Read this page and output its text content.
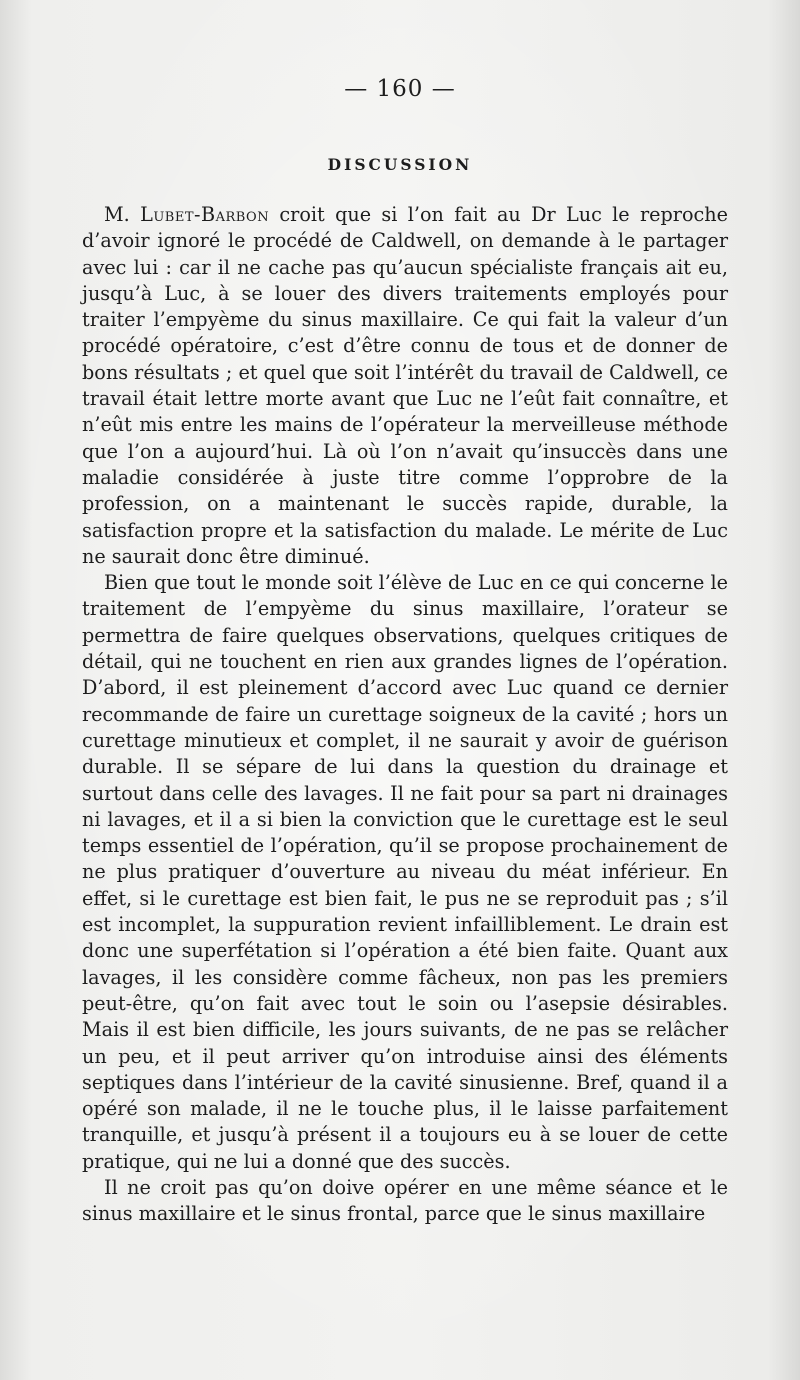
— 160 —
DISCUSSION

M. Lubet-Barbon croit que si l’on fait au Dr Luc le reproche d’avoir ignoré le procédé de Caldwell, on demande à le partager avec lui : car il ne cache pas qu’aucun spécialiste français ait eu, jusqu’à Luc, à se louer des divers traitements employés pour traiter l’empyème du sinus maxillaire. Ce qui fait la valeur d’un procédé opératoire, c’est d’être connu de tous et de donner de bons résultats ; et quel que soit l’intérêt du travail de Caldwell, ce travail était lettre morte avant que Luc ne l’eût fait connaître, et n’eût mis entre les mains de l’opérateur la merveilleuse méthode que l’on a aujourd’hui. Là où l’on n’avait qu’insuccès dans une maladie considérée à juste titre comme l’opprobre de la profession, on a maintenant le succès rapide, durable, la satisfaction propre et la satisfaction du malade. Le mérite de Luc ne saurait donc être diminué.

Bien que tout le monde soit l’élève de Luc en ce qui concerne le traitement de l’empyème du sinus maxillaire, l’orateur se permettra de faire quelques observations, quelques critiques de détail, qui ne touchent en rien aux grandes lignes de l’opération. D’abord, il est pleinement d’accord avec Luc quand ce dernier recommande de faire un curettage soigneux de la cavité ; hors un curettage minutieux et complet, il ne saurait y avoir de guérison durable. Il se sépare de lui dans la question du drainage et surtout dans celle des lavages. Il ne fait pour sa part ni drainages ni lavages, et il a si bien la conviction que le curettage est le seul temps essentiel de l’opération, qu’il se propose prochainement de ne plus pratiquer d’ouverture au niveau du méat inférieur. En effet, si le curettage est bien fait, le pus ne se reproduit pas ; s’il est incomplet, la suppuration revient infailliblement. Le drain est donc une superfétation si l’opération a été bien faite. Quant aux lavages, il les considère comme fâcheux, non pas les premiers peut-être, qu’on fait avec tout le soin ou l’asepsie désirables. Mais il est bien difficile, les jours suivants, de ne pas se relâcher un peu, et il peut arriver qu’on introduise ainsi des éléments septiques dans l’intérieur de la cavité sinusienne. Bref, quand il a opéré son malade, il ne le touche plus, il le laisse parfaitement tranquille, et jusqu’à présent il a toujours eu à se louer de cette pratique, qui ne lui a donné que des succès.

Il ne croit pas qu’on doive opérer en une même séance et le sinus maxillaire et le sinus frontal, parce que le sinus maxillaire
